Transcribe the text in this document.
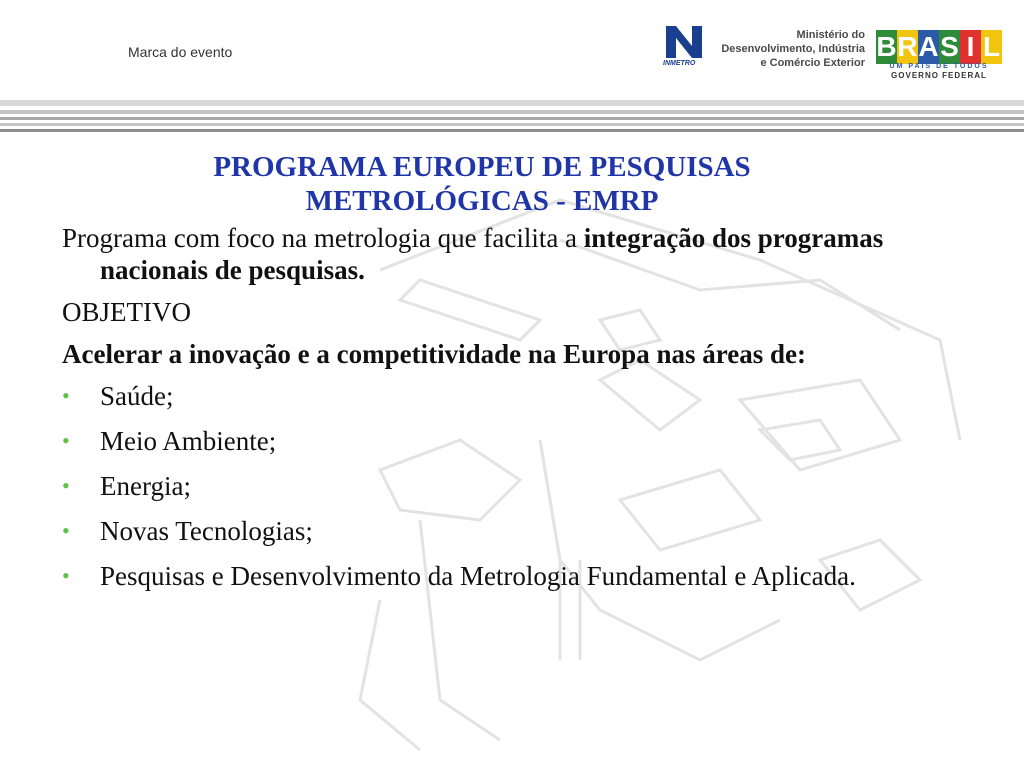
Marca do evento
INMETRO
Ministério do
Desenvolvimento, Indústria
e Comércio Exterior
B R A S I L
UM PAÍS DE TODOS
GOVERNO FEDERAL
PROGRAMA EUROPEU DE PESQUISAS
METROLÓGICAS - EMRP

Programa com foco na metrologia que facilita a integração dos programas nacionais de pesquisas.

OBJETIVO

Acelerar a inovação e a competitividade na Europa nas áreas de:

• Saúde;
• Meio Ambiente;
• Energia;
• Novas Tecnologias;
• Pesquisas e Desenvolvimento da Metrologia Fundamental e Aplicada.
